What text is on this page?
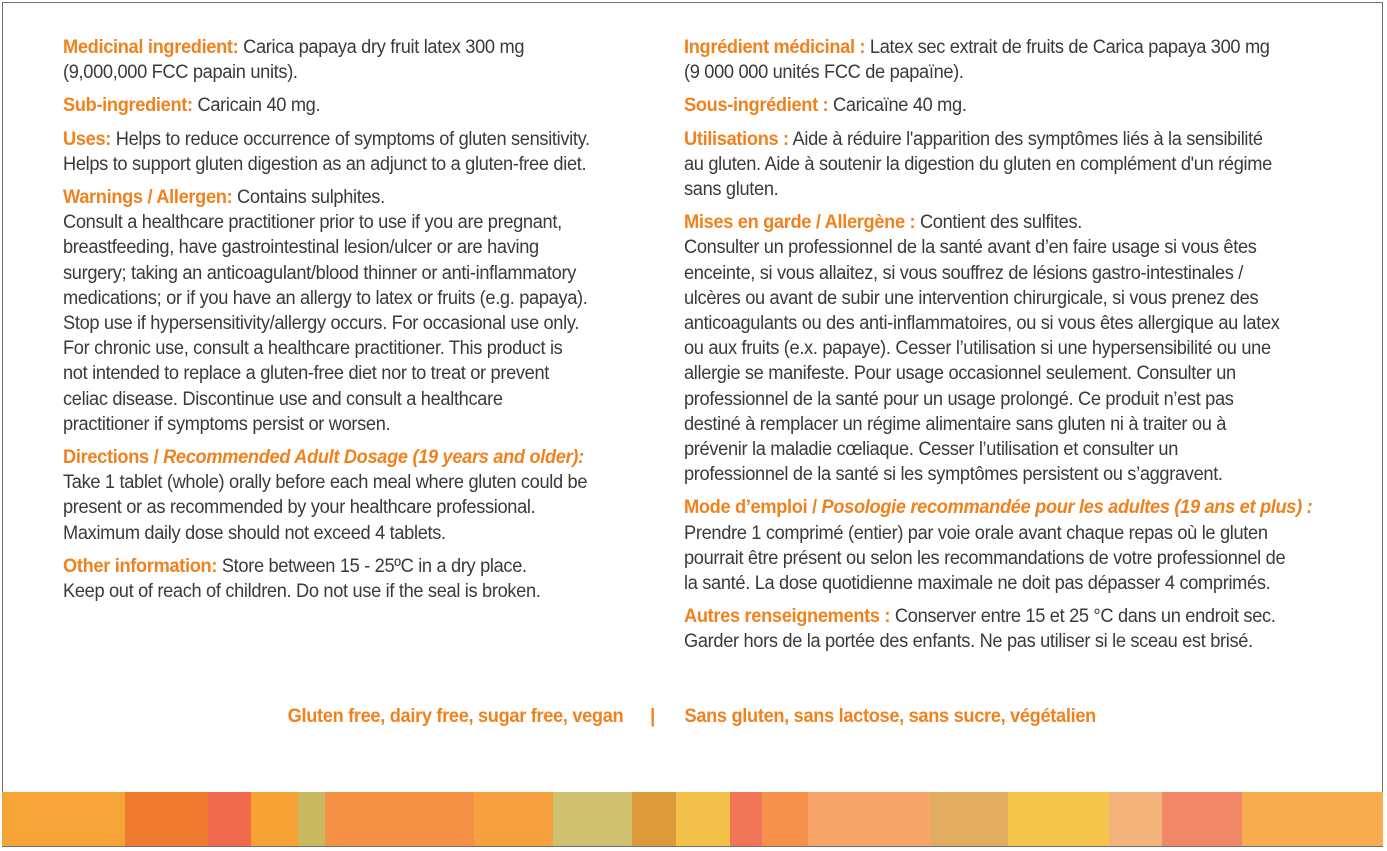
Medicinal ingredient: Carica papaya dry fruit latex 300 mg

(9,000,000 FCC papain units).

Sub-ingredient: Caricain 40 mg.

Uses: Helps to reduce occurrence of symptoms of gluten sensitivity.

Helps to support gluten digestion as an adjunct to a gluten-free diet.

Warnings / Allergen: Contains sulphites.

Consult a healthcare practitioner prior to use if you are pregnant,

breastfeeding, have gastrointestinal lesion/ulcer or are having

surgery; taking an anticoagulant/blood thinner or anti-inflammatory

medications; or if you have an allergy to latex or fruits (e.g. papaya).

Stop use if hypersensitivity/allergy occurs. For occasional use only.

For chronic use, consult a healthcare practitioner. This product is

not intended to replace a gluten-free diet nor to treat or prevent

celiac disease. Discontinue use and consult a healthcare

practitioner if symptoms persist or worsen.

Directions / Recommended Adult Dosage (19 years and older):

Take 1 tablet (whole) orally before each meal where gluten could be

present or as recommended by your healthcare professional.

Maximum daily dose should not exceed 4 tablets.

Other information: Store between 15 - 25ºC in a dry place.

Keep out of reach of children. Do not use if the seal is broken.

Ingrédient médicinal : Latex sec extrait de fruits de Carica papaya 300 mg

(9 000 000 unités FCC de papaïne).

Sous-ingrédient : Caricaïne 40 mg.

Utilisations : Aide à réduire l'apparition des symptômes liés à la sensibilité

au gluten. Aide à soutenir la digestion du gluten en complément d'un régime

sans gluten.

Mises en garde / Allergène : Contient des sulfites.

Consulter un professionnel de la santé avant d’en faire usage si vous êtes

enceinte, si vous allaitez, si vous souffrez de lésions gastro-intestinales /

ulcères ou avant de subir une intervention chirurgicale, si vous prenez des

anticoagulants ou des anti-inflammatoires, ou si vous êtes allergique au latex

ou aux fruits (e.x. papaye). Cesser l’utilisation si une hypersensibilité ou une

allergie se manifeste. Pour usage occasionnel seulement. Consulter un

professionnel de la santé pour un usage prolongé. Ce produit n’est pas

destiné à remplacer un régime alimentaire sans gluten ni à traiter ou à

prévenir la maladie cœliaque. Cesser l’utilisation et consulter un

professionnel de la santé si les symptômes persistent ou s’aggravent.

Mode d’emploi / Posologie recommandée pour les adultes (19 ans et plus) :

Prendre 1 comprimé (entier) par voie orale avant chaque repas où le gluten

pourrait être présent ou selon les recommandations de votre professionnel de

la santé. La dose quotidienne maximale ne doit pas dépasser 4 comprimés.

Autres renseignements : Conserver entre 15 et 25 °C dans un endroit sec.

Garder hors de la portée des enfants. Ne pas utiliser si le sceau est brisé.

Gluten free, dairy free, sugar free, vegan | Sans gluten, sans lactose, sans sucre, végétalien
